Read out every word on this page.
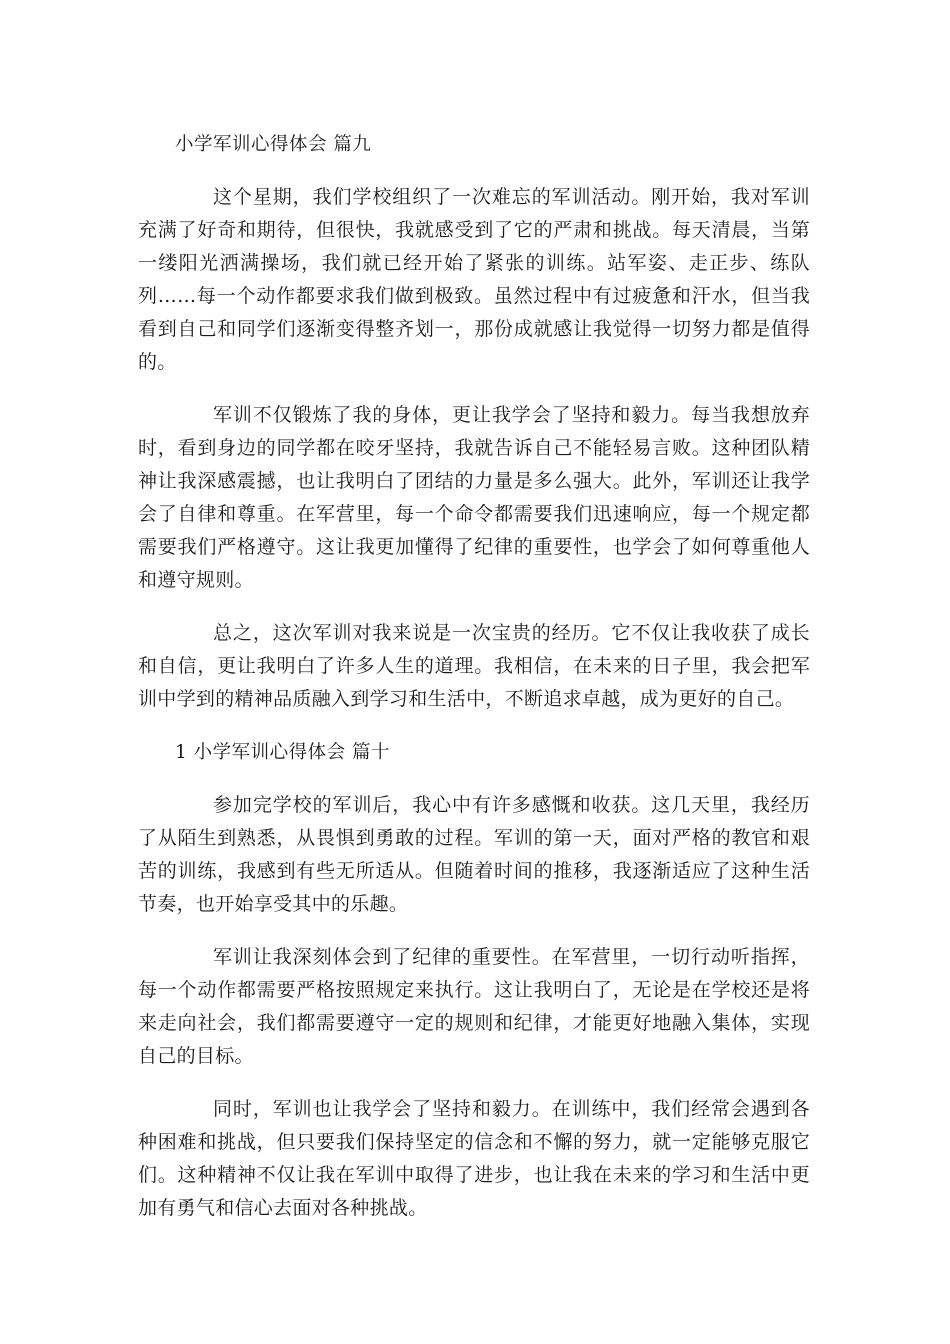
小学军训心得体会 篇九

这个星期，我们学校组织了一次难忘的军训活动。刚开始，我对军训充满了好奇和期待，但很快，我就感受到了它的严肃和挑战。每天清晨，当第一缕阳光洒满操场，我们就已经开始了紧张的训练。站军姿、走正步、练队列……每一个动作都要求我们做到极致。虽然过程中有过疲惫和汗水，但当我看到自己和同学们逐渐变得整齐划一，那份成就感让我觉得一切努力都是值得的。

军训不仅锻炼了我的身体，更让我学会了坚持和毅力。每当我想放弃时，看到身边的同学都在咬牙坚持，我就告诉自己不能轻易言败。这种团队精神让我深感震撼，也让我明白了团结的力量是多么强大。此外，军训还让我学会了自律和尊重。在军营里，每一个命令都需要我们迅速响应，每一个规定都需要我们严格遵守。这让我更加懂得了纪律的重要性，也学会了如何尊重他人和遵守规则。

总之，这次军训对我来说是一次宝贵的经历。它不仅让我收获了成长和自信，更让我明白了许多人生的道理。我相信，在未来的日子里，我会把军训中学到的精神品质融入到学习和生活中，不断追求卓越，成为更好的自己。

1 小学军训心得体会 篇十

参加完学校的军训后，我心中有许多感慨和收获。这几天里，我经历了从陌生到熟悉，从畏惧到勇敢的过程。军训的第一天，面对严格的教官和艰苦的训练，我感到有些无所适从。但随着时间的推移，我逐渐适应了这种生活节奏，也开始享受其中的乐趣。

军训让我深刻体会到了纪律的重要性。在军营里，一切行动听指挥，每一个动作都需要严格按照规定来执行。这让我明白了，无论是在学校还是将来走向社会，我们都需要遵守一定的规则和纪律，才能更好地融入集体，实现自己的目标。

同时，军训也让我学会了坚持和毅力。在训练中，我们经常会遇到各种困难和挑战，但只要我们保持坚定的信念和不懈的努力，就一定能够克服它们。这种精神不仅让我在军训中取得了进步，也让我在未来的学习和生活中更加有勇气和信心去面对各种挑战。
